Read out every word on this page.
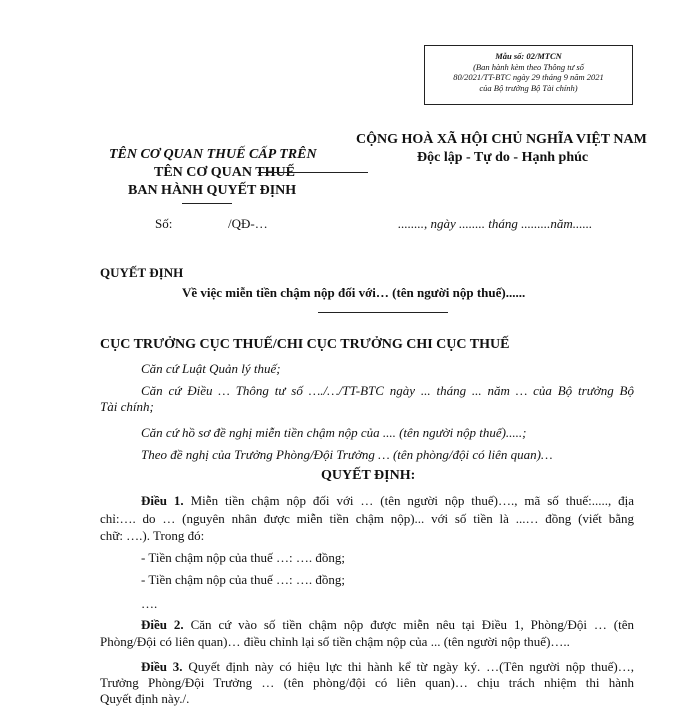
Mẫu số: 02/MTCN
(Ban hành kèm theo Thông tư số
80/2021/TT-BTC ngày 29 tháng 9 năm 2021
của Bộ trưởng Bộ Tài chính)
TÊN CƠ QUAN THUẾ CẤP TRÊN
TÊN CƠ QUAN THUẾ
BAN HÀNH QUYẾT ĐỊNH
CỘNG HOÀ XÃ HỘI CHỦ NGHĨA VIỆT NAM
Độc lập - Tự do - Hạnh phúc
Số:	/QĐ-…	........, ngày ........ tháng .........năm......
QUYẾT ĐỊNH
Về việc miễn tiền chậm nộp đối với… (tên người nộp thuế)......
CỤC TRƯỞNG CỤC THUẾ/CHI CỤC TRƯỞNG CHI CỤC THUẾ
Căn cứ Luật Quản lý thuế;
Căn cứ Điều … Thông tư số …./…/TT-BTC ngày ... tháng ... năm … của Bộ trưởng Bộ
Tài chính;
Căn cứ hồ sơ đề nghị miễn tiền chậm nộp của .... (tên người nộp thuế).....;
Theo đề nghị của Trưởng Phòng/Đội Trưởng … (tên phòng/đội có liên quan)…
QUYẾT ĐỊNH:
Điều 1. Miễn tiền chậm nộp đối với … (tên người nộp thuế)…., mã số thuế:....., địa
chỉ:…. do … (nguyên nhân được miễn tiền chậm nộp)... với số tiền là ...… đồng (viết bằng
chữ: ….). Trong đó:
- Tiền chậm nộp của thuế …: …. đồng;
- Tiền chậm nộp của thuế …: …. đồng;
….
Điều 2. Căn cứ vào số tiền chậm nộp được miễn nêu tại Điều 1, Phòng/Đội … (tên
Phòng/Đội có liên quan)… điều chỉnh lại số tiền chậm nộp của ... (tên người nộp thuế)…..
Điều 3. Quyết định này có hiệu lực thi hành kể từ ngày ký. …(Tên người nộp thuế)…,
Trưởng Phòng/Đội Trưởng … (tên phòng/đội có liên quan)… chịu trách nhiệm thi hành
Quyết định này./.
